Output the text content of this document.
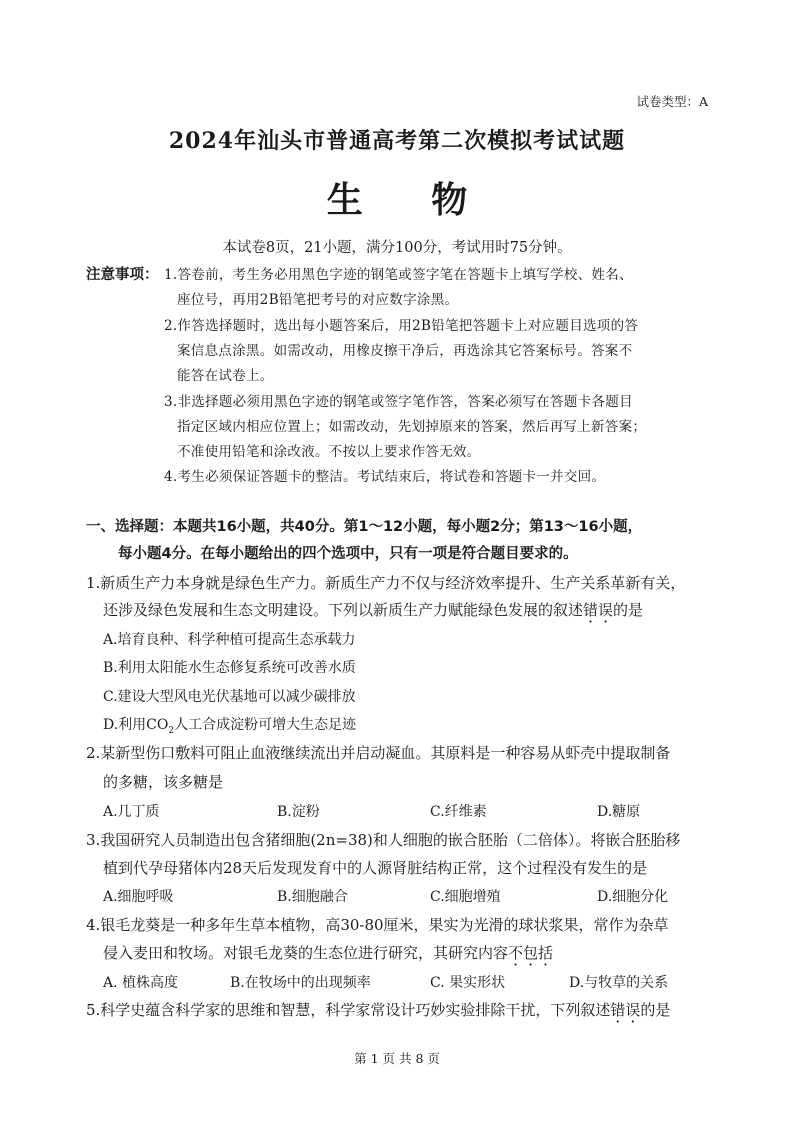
试卷类型：A
2024年汕头市普通高考第二次模拟考试试题
生 物
本试卷8页，21小题，满分100分，考试用时75分钟。
注意事项： 1.答卷前，考生务必用黑色字迹的钢笔或签字笔在答题卡上填写学校、姓名、
座位号，再用2B铅笔把考号的对应数字涂黑。
2.作答选择题时，选出每小题答案后，用2B铅笔把答题卡上对应题目选项的答
案信息点涂黑。如需改动，用橡皮擦干净后，再选涂其它答案标号。答案不
能答在试卷上。
3.非选择题必须用黑色字迹的钢笔或签字笔作答，答案必须写在答题卡各题目
指定区域内相应位置上；如需改动，先划掉原来的答案，然后再写上新答案；
不准使用铅笔和涂改液。不按以上要求作答无效。
4.考生必须保证答题卡的整洁。考试结束后，将试卷和答题卡一并交回。
一、选择题：本题共16小题，共40分。第1～12小题，每小题2分；第13～16小题，
每小题4分。在每小题给出的四个选项中，只有一项是符合题目要求的。
1.新质生产力本身就是绿色生产力。新质生产力不仅与经济效率提升、生产关系革新有关，
还涉及绿色发展和生态文明建设。下列以新质生产力赋能绿色发展的叙述错误的是
A.培育良种、科学种植可提高生态承载力
B.利用太阳能水生态修复系统可改善水质
C.建设大型风电光伏基地可以减少碳排放
D.利用$CO_2$人工合成淀粉可增大生态足迹
2.某新型伤口敷料可阻止血液继续流出并启动凝血。其原料是一种容易从虾壳中提取制备
的多糖，该多糖是
A.几丁质	B.淀粉	C.纤维素	D.糖原
3.我国研究人员制造出包含猪细胞(2n=38)和人细胞的嵌合胚胎（二倍体）。将嵌合胚胎移
植到代孕母猪体内28天后发现发育中的人源肾脏结构正常，这个过程没有发生的是
A.细胞呼吸	B.细胞融合	C.细胞增殖	D.细胞分化
4.银毛龙葵是一种多年生草本植物，高30-80厘米，果实为光滑的球状浆果，常作为杂草
侵入麦田和牧场。对银毛龙葵的生态位进行研究，其研究内容不包括
A. 植株高度	B.在牧场中的出现频率	C. 果实形状	D.与牧草的关系
5.科学史蕴含科学家的思维和智慧，科学家常设计巧妙实验排除干扰，下列叙述错误的是
第 1 页 共 8 页
